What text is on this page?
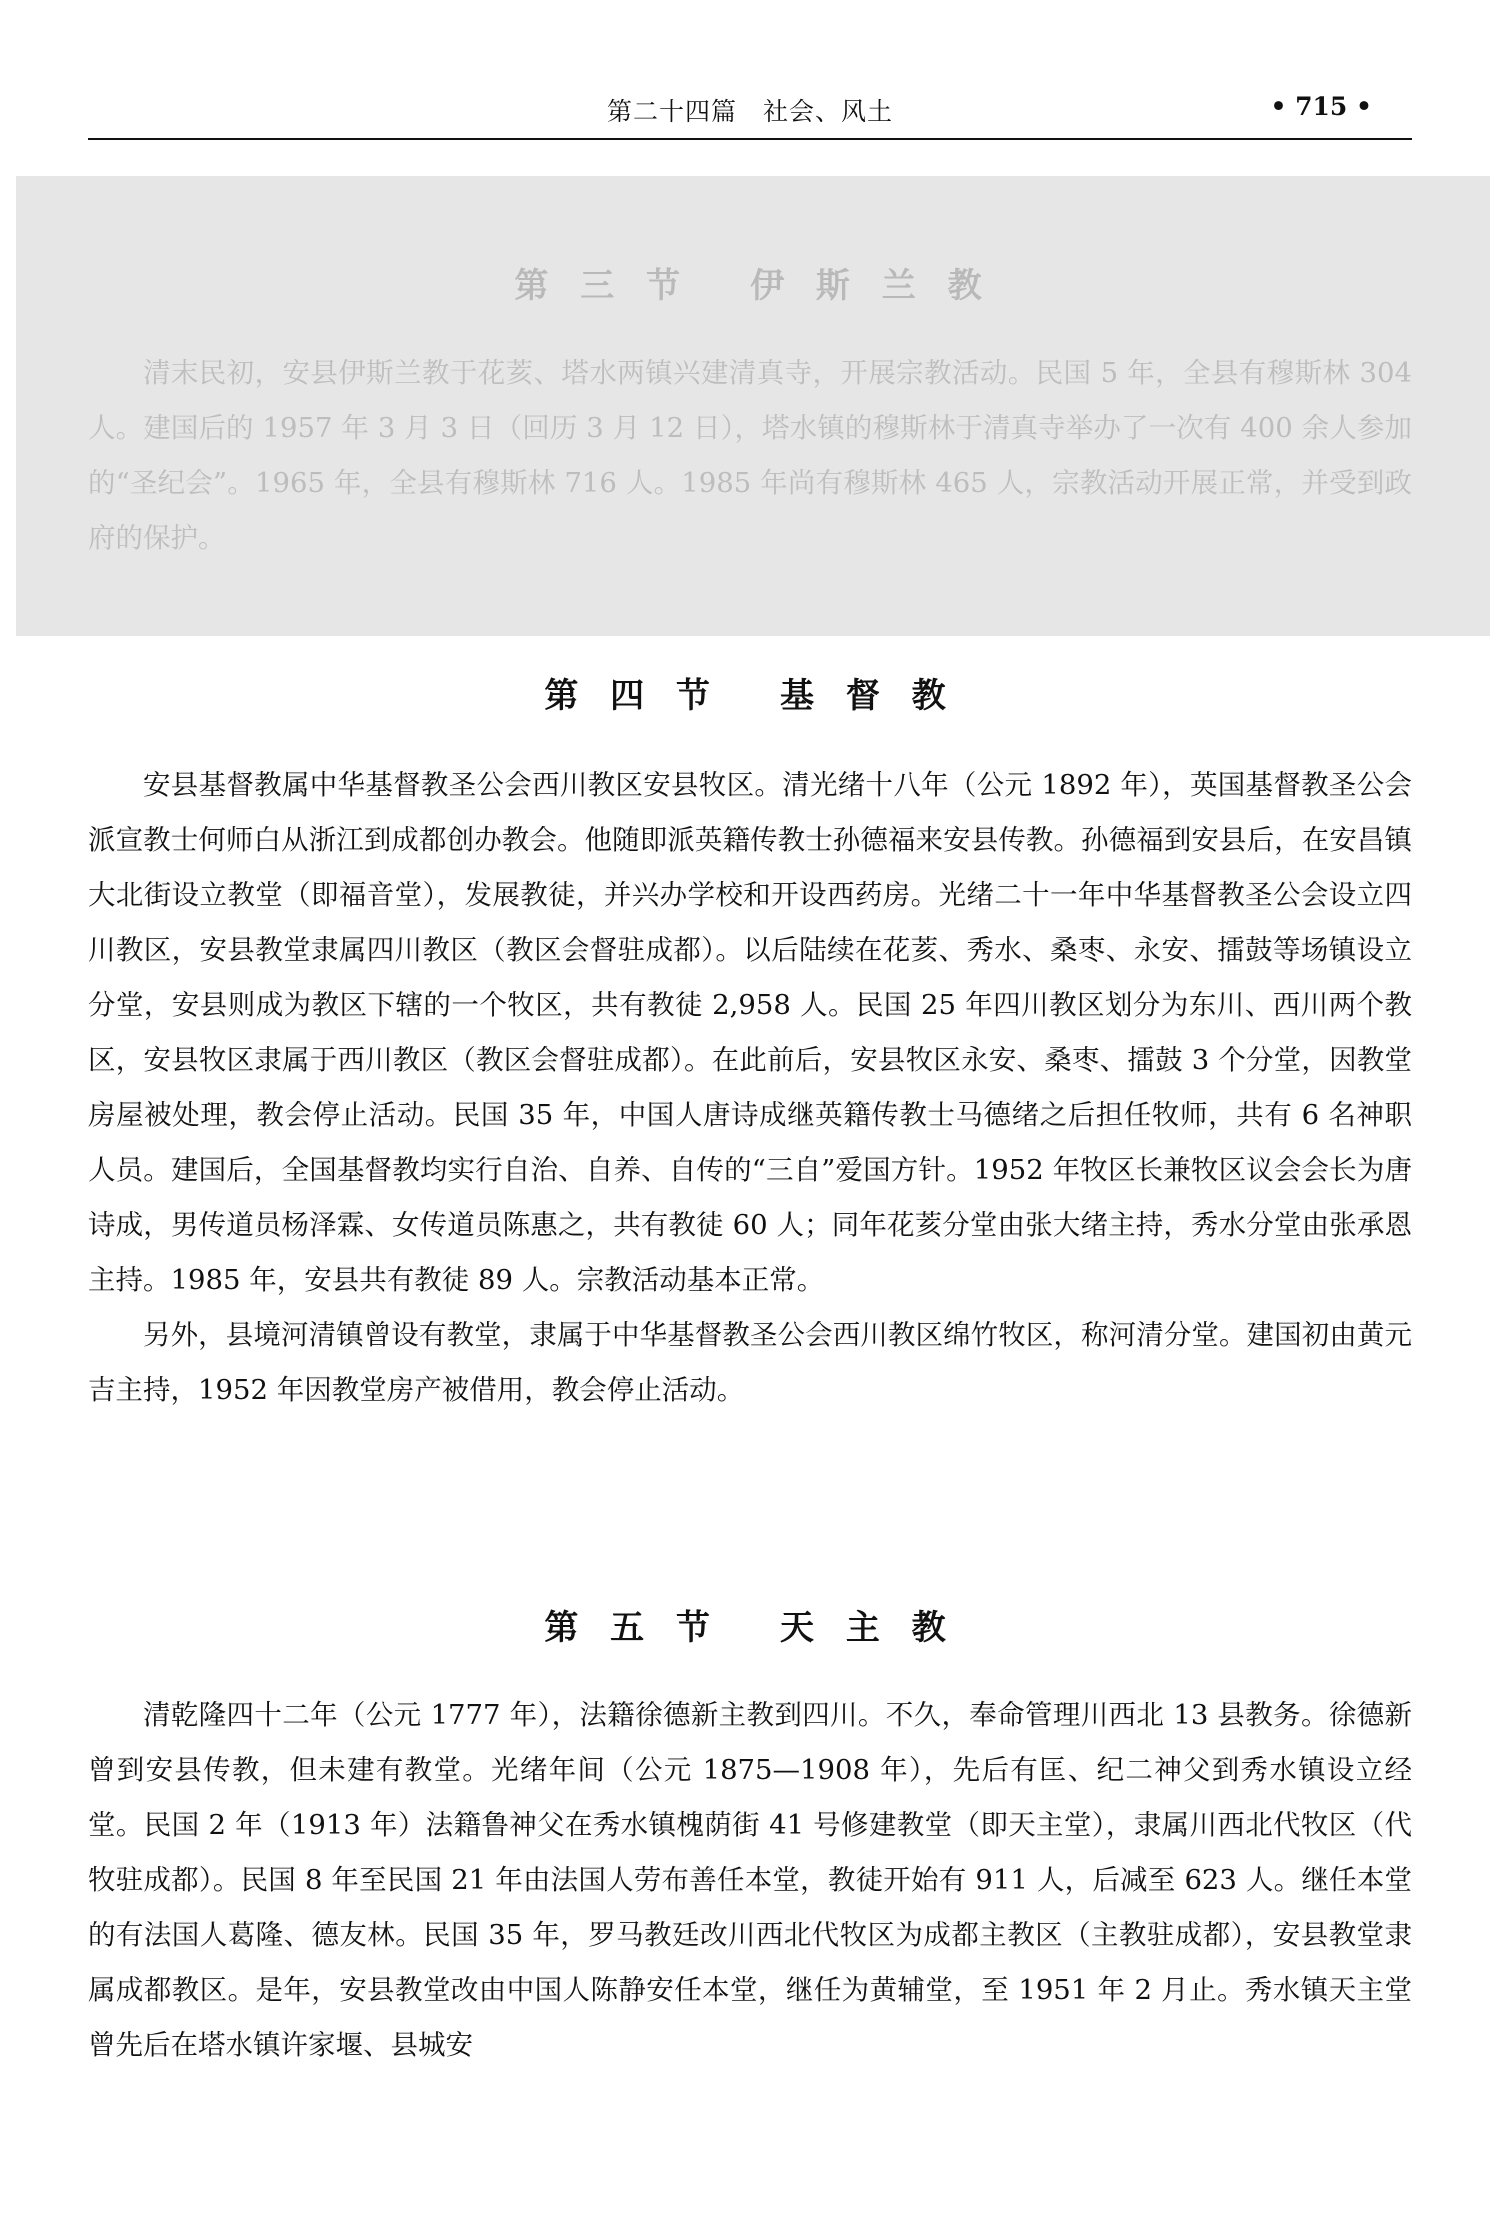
第二十四篇　社会、风土	• 715 •
第 三 节 伊 斯 兰 教

清末民初，安县伊斯兰教于花荄、塔水两镇兴建清真寺，开展宗教活动。民国 5 年，全县有穆斯林 304 人。建国后的 1957 年 3 月 3 日（回历 3 月 12 日），塔水镇的穆斯林于清真寺举办了一次有 400 余人参加的“圣纪会”。1965 年，全县有穆斯林 716 人。1985 年尚有穆斯林 465 人，宗教活动开展正常，并受到政府的保护。

第 四 节 基 督 教

安县基督教属中华基督教圣公会西川教区安县牧区。清光绪十八年（公元 1892 年），英国基督教圣公会派宣教士何师白从浙江到成都创办教会。他随即派英籍传教士孙德福来安县传教。孙德福到安县后，在安昌镇大北街设立教堂（即福音堂），发展教徒，并兴办学校和开设西药房。光绪二十一年中华基督教圣公会设立四川教区，安县教堂隶属四川教区（教区会督驻成都）。以后陆续在花荄、秀水、桑枣、永安、擂鼓等场镇设立分堂，安县则成为教区下辖的一个牧区，共有教徒 2,958 人。民国 25 年四川教区划分为东川、西川两个教区，安县牧区隶属于西川教区（教区会督驻成都）。在此前后，安县牧区永安、桑枣、擂鼓 3 个分堂，因教堂房屋被处理，教会停止活动。民国 35 年，中国人唐诗成继英籍传教士马德绪之后担任牧师，共有 6 名神职人员。建国后，全国基督教均实行自治、自养、自传的“三自”爱国方针。1952 年牧区长兼牧区议会会长为唐诗成，男传道员杨泽霖、女传道员陈惠之，共有教徒 60 人；同年花荄分堂由张大绪主持，秀水分堂由张承恩主持。1985 年，安县共有教徒 89 人。宗教活动基本正常。

另外，县境河清镇曾设有教堂，隶属于中华基督教圣公会西川教区绵竹牧区，称河清分堂。建国初由黄元吉主持，1952 年因教堂房产被借用，教会停止活动。

第 五 节 天 主 教

清乾隆四十二年（公元 1777 年），法籍徐德新主教到四川。不久，奉命管理川西北 13 县教务。徐德新曾到安县传教，但未建有教堂。光绪年间（公元 1875—1908 年），先后有匡、纪二神父到秀水镇设立经堂。民国 2 年（1913 年）法籍鲁神父在秀水镇槐荫街 41 号修建教堂（即天主堂），隶属川西北代牧区（代牧驻成都）。民国 8 年至民国 21 年由法国人劳布善任本堂，教徒开始有 911 人，后减至 623 人。继任本堂的有法国人葛隆、德友林。民国 35 年，罗马教廷改川西北代牧区为成都主教区（主教驻成都），安县教堂隶属成都教区。是年，安县教堂改由中国人陈静安任本堂，继任为黄辅堂，至 1951 年 2 月止。秀水镇天主堂曾先后在塔水镇许家堰、县城安
